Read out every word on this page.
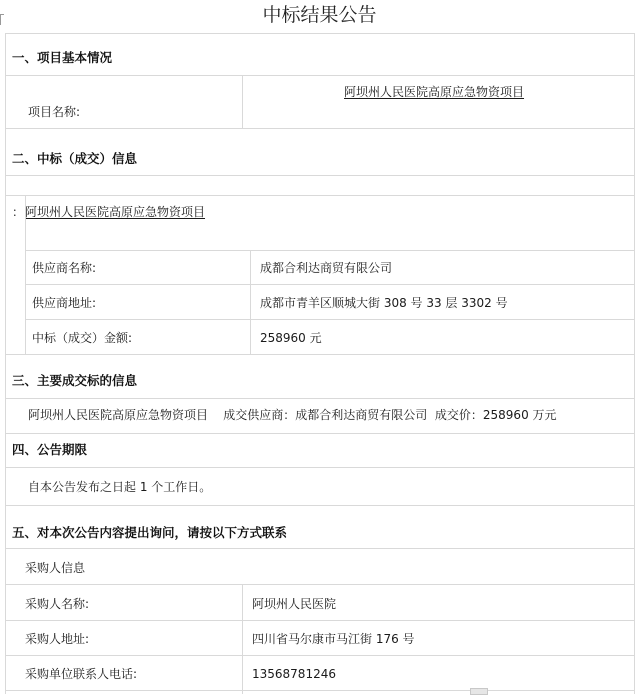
中标结果公告
一、项目基本情况
项目名称:
阿坝州人民医院高原应急物资项目
二、中标（成交）信息
： 阿坝州人民医院高原应急物资项目
供应商名称:	成都合利达商贸有限公司
供应商地址:	成都市青羊区顺城大街 308 号 33 层 3302 号
中标（成交）金额:	258960 元
三、主要成交标的信息
阿坝州人民医院高原应急物资项目    成交供应商：成都合利达商贸有限公司  成交价：258960 万元
四、公告期限
自本公告发布之日起 1 个工作日。
五、对本次公告内容提出询问，请按以下方式联系
采购人信息
采购人名称:	阿坝州人民医院
采购人地址:	四川省马尔康市马江街 176 号
采购单位联系人电话:	13568781246
